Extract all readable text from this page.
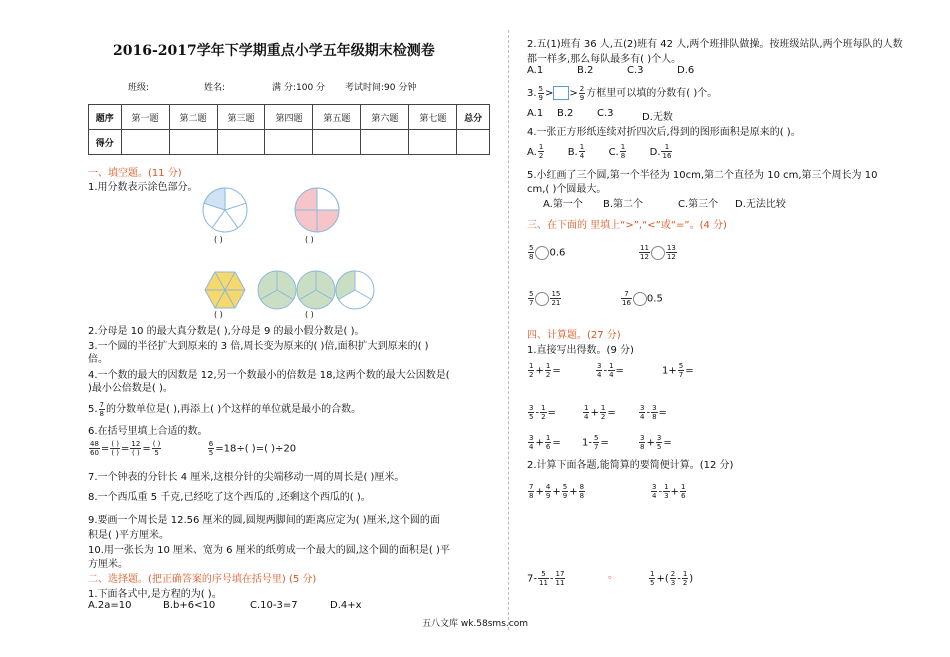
2016-2017学年下学期重点小学五年级期末检测卷
班级:	姓名:	满 分: 100 分 考试时间:90 分钟
题序	第一题	第二题	第三题	第四题	第五题	第六题	第七题	总分
得分								
一、填空题。(11 分)
1.用分数表示涂色部分。
( )	( )
( )	( )
2.分母是 10 的最大真分数是( ),分母是 9 的最小假分数是( )。
3.一个圆的半径扩大到原来的 3 倍,周长变为原来的( )倍,面积扩大到原来的( )
倍。
4.一个数的最大的因数是 12,另一个数最小的倍数是 18,这两个数的最大公因数是(
)最小公倍数是( )。
5. $\frac{7}{8}$ 的分数单位是( ),再添上( )个这样的单位就是最小的合数。
6.在括号里填上合适的数。
$\frac{48}{60} = \frac{( )}{( )} = \frac{12}{( )} = \frac{( )}{5}$
	$\frac{6}{5} =18\div$( )=( )÷20
7.一个钟表的分针长 4 厘米,这根分针的尖端移动一周的周长是( )厘米。
8.一个西瓜重 5 千克,已经吃了这个西瓜的 ,还剩这个西瓜的( )。
9.要画一个周长是 12.56 厘米的圆,圆规两脚间的距离应定为( )厘米,这个圆的面
积是( )平方厘米。
10.用一张长为 10 厘米、宽为 6 厘米的纸剪成一个最大的圆,这个圆的面积是( )平
方厘米。
二、选择题。(把正确答案的序号填在括号里) (5 分)
1.下面各式中,是方程的为( )。
A.2a=10	B.b+6<10	C.10-3=7	D.4+x
2.五(1)班有 36 人,五(2)班有 42 人,两个班排队做操。按班级站队,两个班每队的人数
都一样多,那么每队最多有( )个人。
A.1	B.2	C.3	D.6
3. $\frac{5}{9}$ > > $\frac{2}{9}$ 方框里可以填的分数有( )个。
A.1 B.2 C.3	D.无数
4.一张正方形纸连续对折四次后,得到的图形面积是原来的( )。
A. $\frac{1}{2} B$. $\frac{1}{4} C$. $\frac{1}{8} D$. $\frac{1}{16}$
5.小红画了三个圆,第一个半径为 10cm,第二个直径为 10 cm,第三个周长为 10
cm,( )个圆最大。
A.第一个 B.第二个	C.第三个 D.无法比较
三、在下面的 里填上“>”,“<”或“=”。(4 分)
$\frac{5}{8} 0.6$	$\frac{11}{12} \frac{13}{12}$
$\frac{5}{7} \frac{15}{21}$	$\frac{7}{16} 0.5$
四、计算题。(27 分)
1.直接写出得数。(9 分)
$\frac{1}{2} + \frac{1}{2}$ =	$\frac{3}{4} - \frac{1}{4}$ =	$1+ \frac{5}{7}$ =
$\frac{3}{5} - \frac{1}{2}$ =	$\frac{1}{4} + \frac{1}{2}$ =	$\frac{3}{4} - \frac{3}{8}$ =
$\frac{3}{4} + \frac{1}{6} = 1- \frac{5}{7}$ =	$\frac{3}{8} + \frac{3}{5}$ =
2.计算下面各题,能简算的要简便计算。(12 分)
$\frac{7}{8} + \frac{4}{9} + \frac{5}{9} + \frac{8}{8}$	$\frac{3}{4} - \frac{1}{3} + \frac{1}{6}$
$7- \frac{5}{11} - \frac{17}{11}$	。	$\frac{1}{5}$ +( $\frac{2}{3} - \frac{1}{2}$ )
五八文库 wk.58sms.com
